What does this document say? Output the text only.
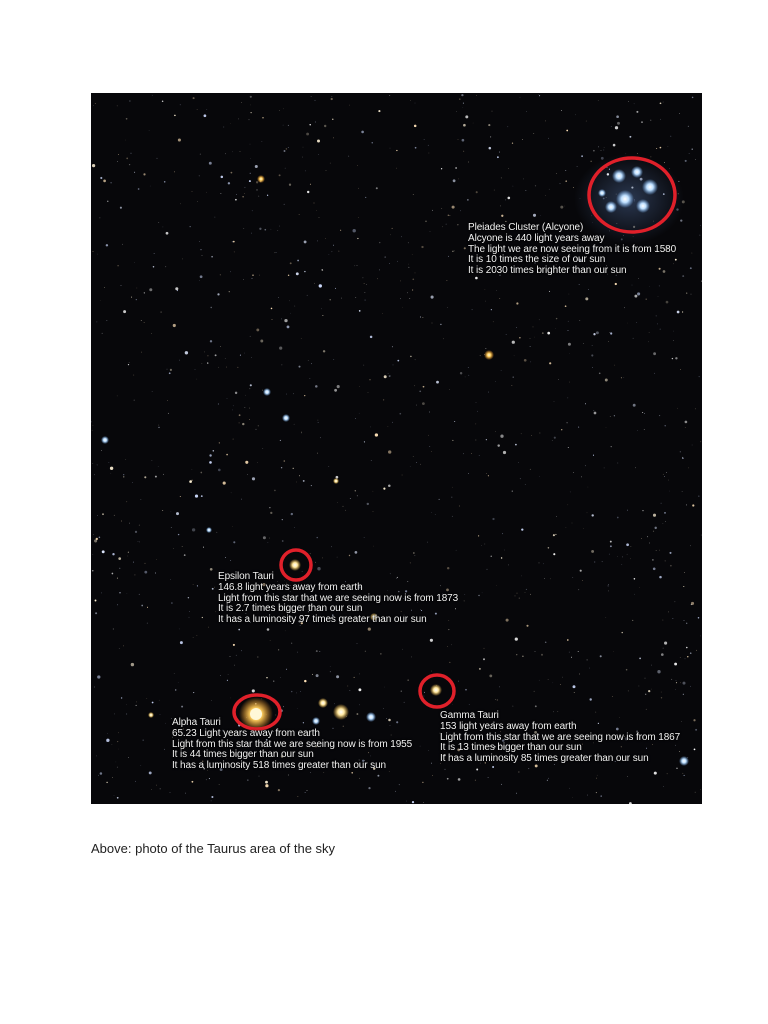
Pleiades Cluster (Alcyone)
Alcyone is 440 light years away
The light we are now seeing from it is from 1580
It is 10 times the size of our sun
It is 2030 times brighter than our sun
Epsilon Tauri
146.8 light years away from earth
Light from this star that we are seeing now is from 1873
It is 2.7 times bigger than our sun
It has a luminosity 97 times greater than our sun
Alpha Tauri
65.23 Light years away from earth
Light from this star that we are seeing now is from 1955
It is 44 times bigger than our sun
It has a luminosity 518 times greater than our sun
Gamma Tauri
153 light years away from earth
Light from this star that we are seeing now is from 1867
It is 13 times bigger than our sun
It has a luminosity 85 times greater than our sun
Above: photo of the Taurus area of the sky
